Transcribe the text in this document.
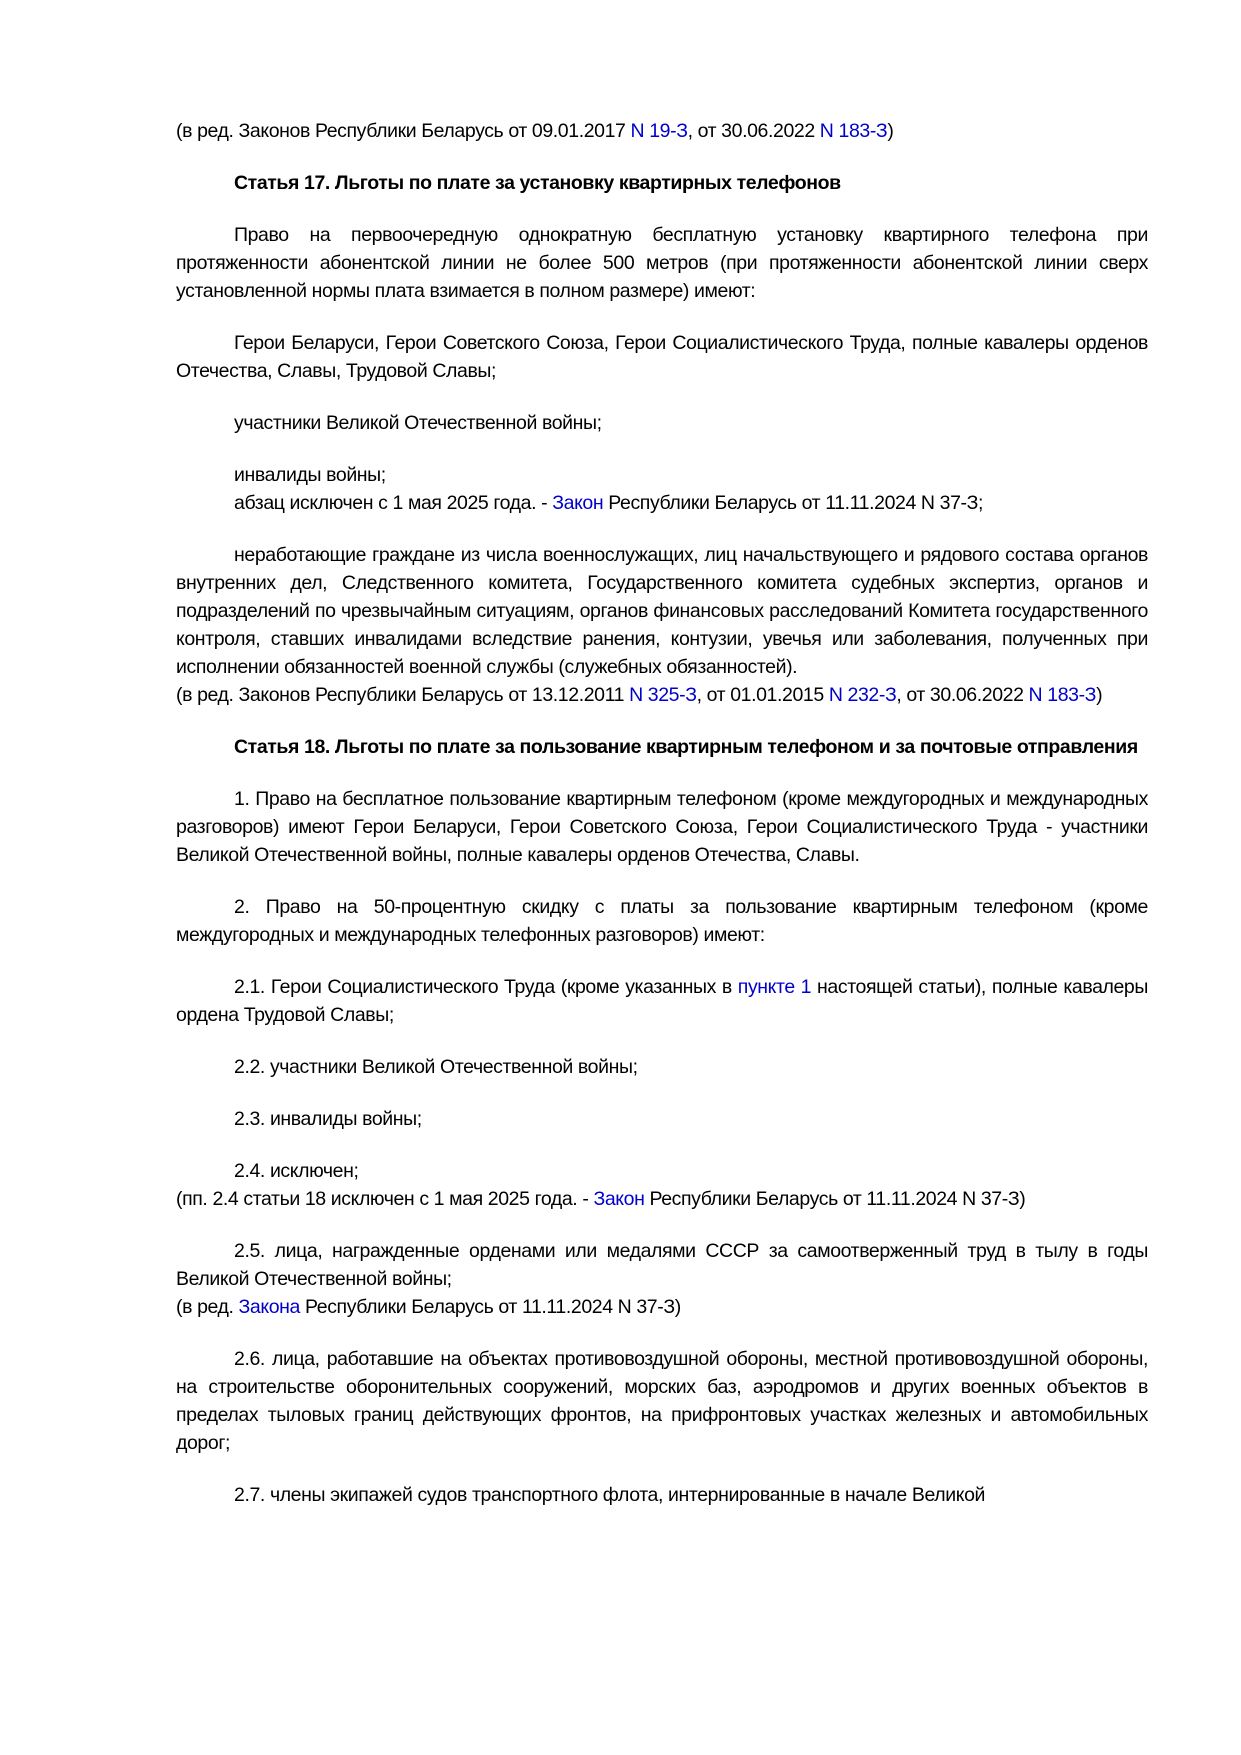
(в ред. Законов Республики Беларусь от 09.01.2017 N 19-З, от 30.06.2022 N 183-З)

Статья 17. Льготы по плате за установку квартирных телефонов

Право на первоочередную однократную бесплатную установку квартирного телефона при протяженности абонентской линии не более 500 метров (при протяженности абонентской линии сверх установленной нормы плата взимается в полном размере) имеют:

Герои Беларуси, Герои Советского Союза, Герои Социалистического Труда, полные кавалеры орденов Отечества, Славы, Трудовой Славы;

участники Великой Отечественной войны;

инвалиды войны;

абзац исключен с 1 мая 2025 года. - Закон Республики Беларусь от 11.11.2024 N 37-З;

неработающие граждане из числа военнослужащих, лиц начальствующего и рядового состава органов внутренних дел, Следственного комитета, Государственного комитета судебных экспертиз, органов и подразделений по чрезвычайным ситуациям, органов финансовых расследований Комитета государственного контроля, ставших инвалидами вследствие ранения, контузии, увечья или заболевания, полученных при исполнении обязанностей военной службы (служебных обязанностей).

(в ред. Законов Республики Беларусь от 13.12.2011 N 325-З, от 01.01.2015 N 232-З, от 30.06.2022 N 183-З)

Статья 18. Льготы по плате за пользование квартирным телефоном и за почтовые отправления

1. Право на бесплатное пользование квартирным телефоном (кроме междугородных и международных разговоров) имеют Герои Беларуси, Герои Советского Союза, Герои Социалистического Труда - участники Великой Отечественной войны, полные кавалеры орденов Отечества, Славы.

2. Право на 50-процентную скидку с платы за пользование квартирным телефоном (кроме междугородных и международных телефонных разговоров) имеют:

2.1. Герои Социалистического Труда (кроме указанных в пункте 1 настоящей статьи), полные кавалеры ордена Трудовой Славы;

2.2. участники Великой Отечественной войны;

2.3. инвалиды войны;

2.4. исключен;

(пп. 2.4 статьи 18 исключен с 1 мая 2025 года. - Закон Республики Беларусь от 11.11.2024 N 37-З)

2.5. лица, награжденные орденами или медалями СССР за самоотверженный труд в тылу в годы Великой Отечественной войны;

(в ред. Закона Республики Беларусь от 11.11.2024 N 37-З)

2.6. лица, работавшие на объектах противовоздушной обороны, местной противовоздушной обороны, на строительстве оборонительных сооружений, морских баз, аэродромов и других военных объектов в пределах тыловых границ действующих фронтов, на прифронтовых участках железных и автомобильных дорог;

2.7. члены экипажей судов транспортного флота, интернированные в начале Великой
